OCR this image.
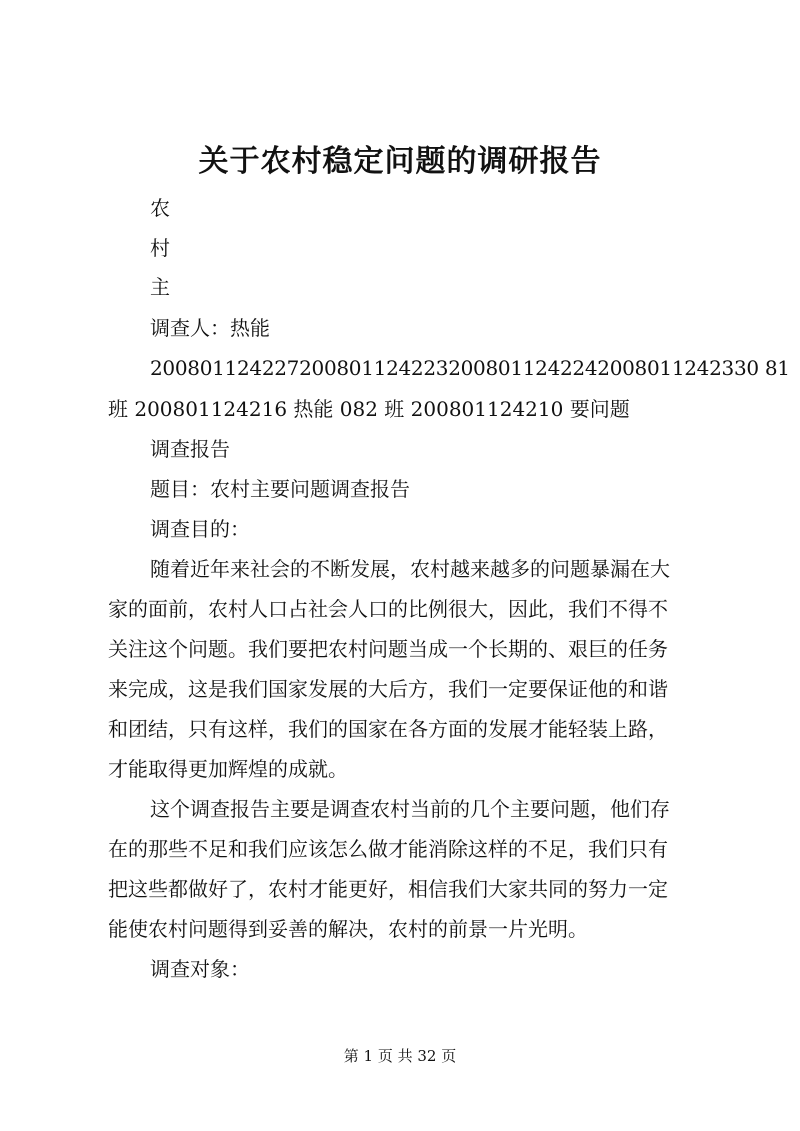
关于农村稳定问题的调研报告
农
村
主
调查人：热能
2008011242272008011242232008011242242008011242330 81
班 200801124216 热能 082 班 200801124210 要问题
调查报告
题目：农村主要问题调查报告
调查目的：
随着近年来社会的不断发展，农村越来越多的问题暴漏在大
家的面前，农村人口占社会人口的比例很大，因此，我们不得不
关注这个问题。我们要把农村问题当成一个长期的、艰巨的任务
来完成，这是我们国家发展的大后方，我们一定要保证他的和谐
和团结，只有这样，我们的国家在各方面的发展才能轻装上路，
才能取得更加辉煌的成就。
这个调查报告主要是调查农村当前的几个主要问题，他们存
在的那些不足和我们应该怎么做才能消除这样的不足，我们只有
把这些都做好了，农村才能更好，相信我们大家共同的努力一定
能使农村问题得到妥善的解决，农村的前景一片光明。
调查对象：
第 1 页 共 32 页
